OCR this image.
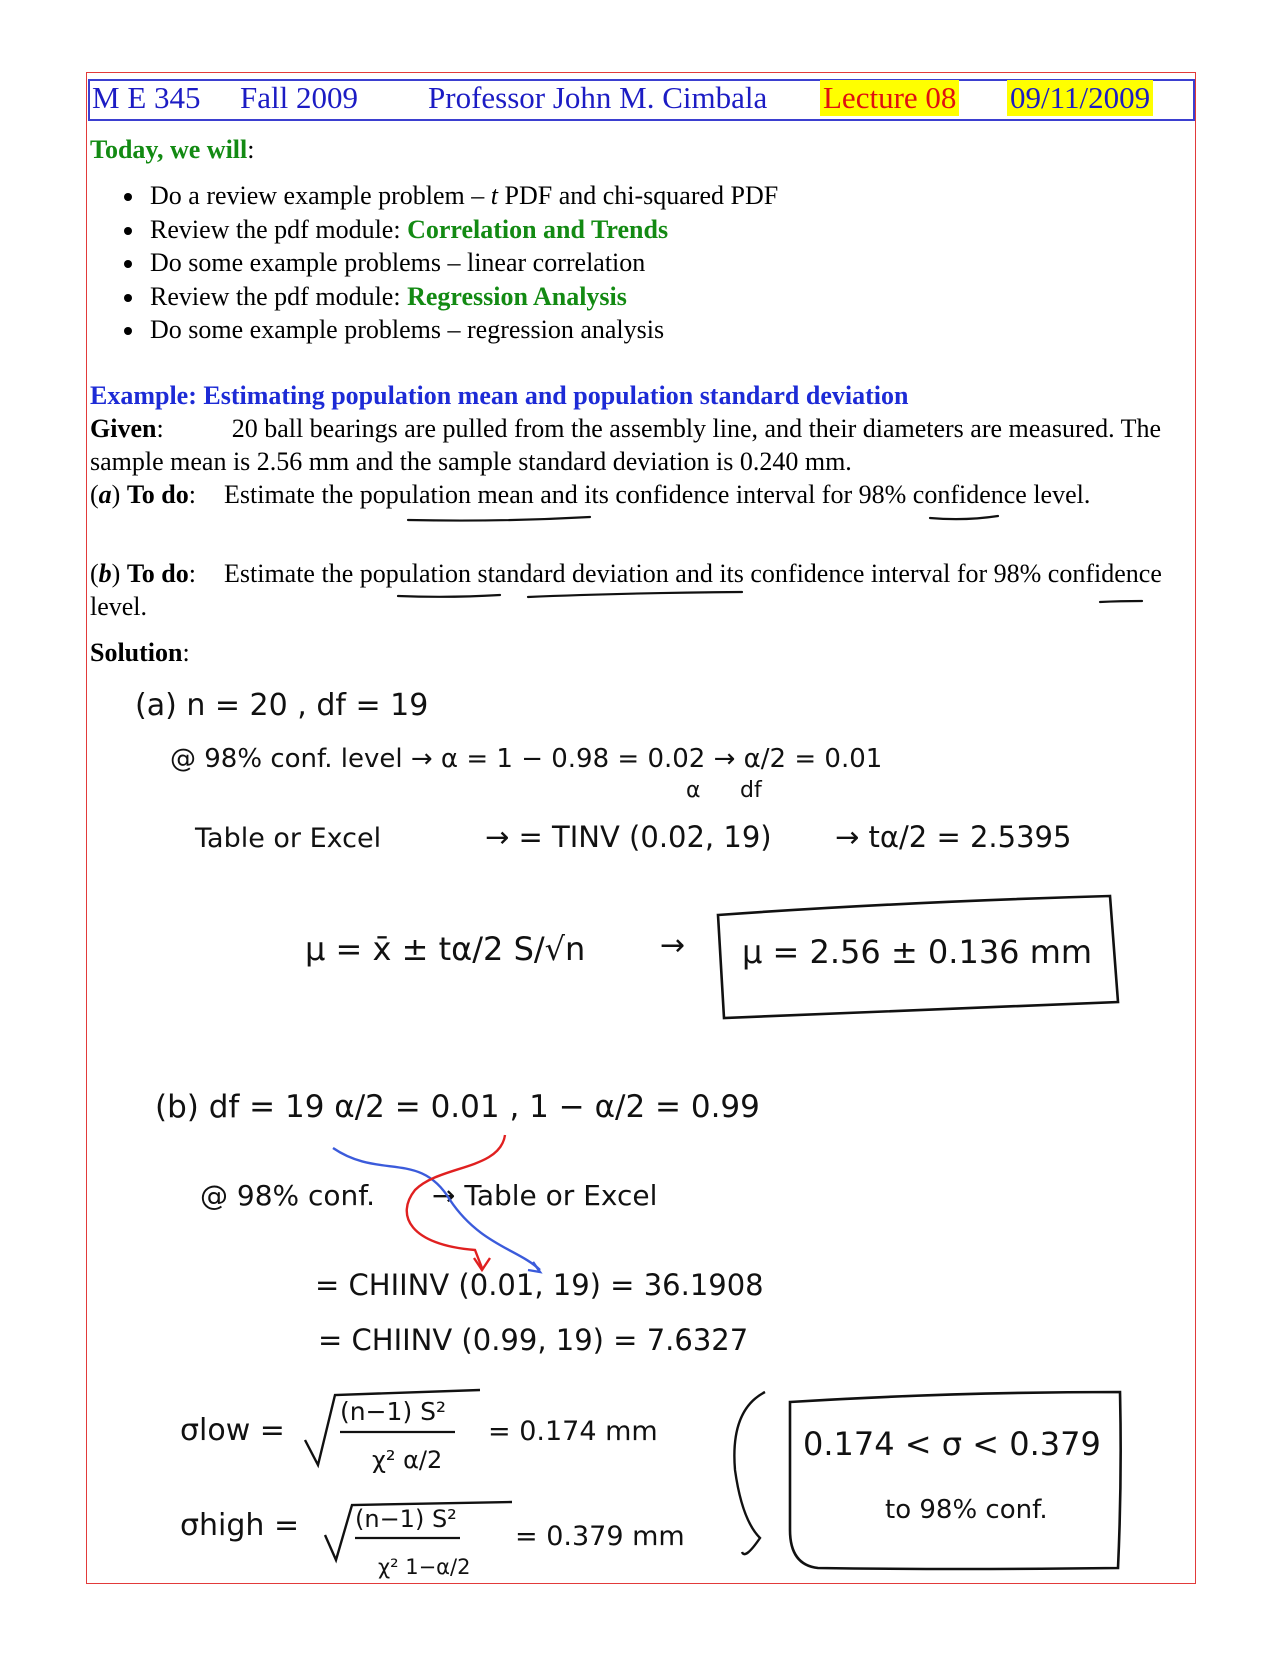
M E 345 Fall 2009 Professor John M. Cimbala Lecture 08 09/11/2009
Today, we will:
• Do a review example problem – t PDF and chi-squared PDF
• Review the pdf module: Correlation and Trends
• Do some example problems – linear correlation
• Review the pdf module: Regression Analysis
• Do some example problems – regression analysis
Example: Estimating population mean and population standard deviation
Given:	20 ball bearings are pulled from the assembly line, and their diameters are measured. The sample mean is 2.56 mm and the sample standard deviation is 0.240 mm.
(a) To do: Estimate the population mean and its confidence interval for 98% confidence level.
(b) To do: Estimate the population standard deviation and its confidence interval for 98% confidence level.
Solution:
(a) n = 20 , df = 19
@ 98% conf. level → α = 1 − 0.98 = 0.02 → α/2 = 0.01
α df
Table or Excel	→ = TINV (0.02, 19) → tα/2 = 2.5395
μ = x̄ ± tα/2 S/√n → μ = 2.56 ± 0.136 mm
(b) df = 19 α/2 = 0.01 , 1 − α/2 = 0.99
@ 98% conf. → Table or Excel
= CHIINV (0.01, 19) = 36.1908
= CHIINV (0.99, 19) = 7.6327
σlow =
(n−1) S²
χ² α/2
= 0.174 mm
σhigh = (n−1) S²
χ² 1−α/2
= 0.379 mm
0.174 < σ < 0.379
to 98% conf.
